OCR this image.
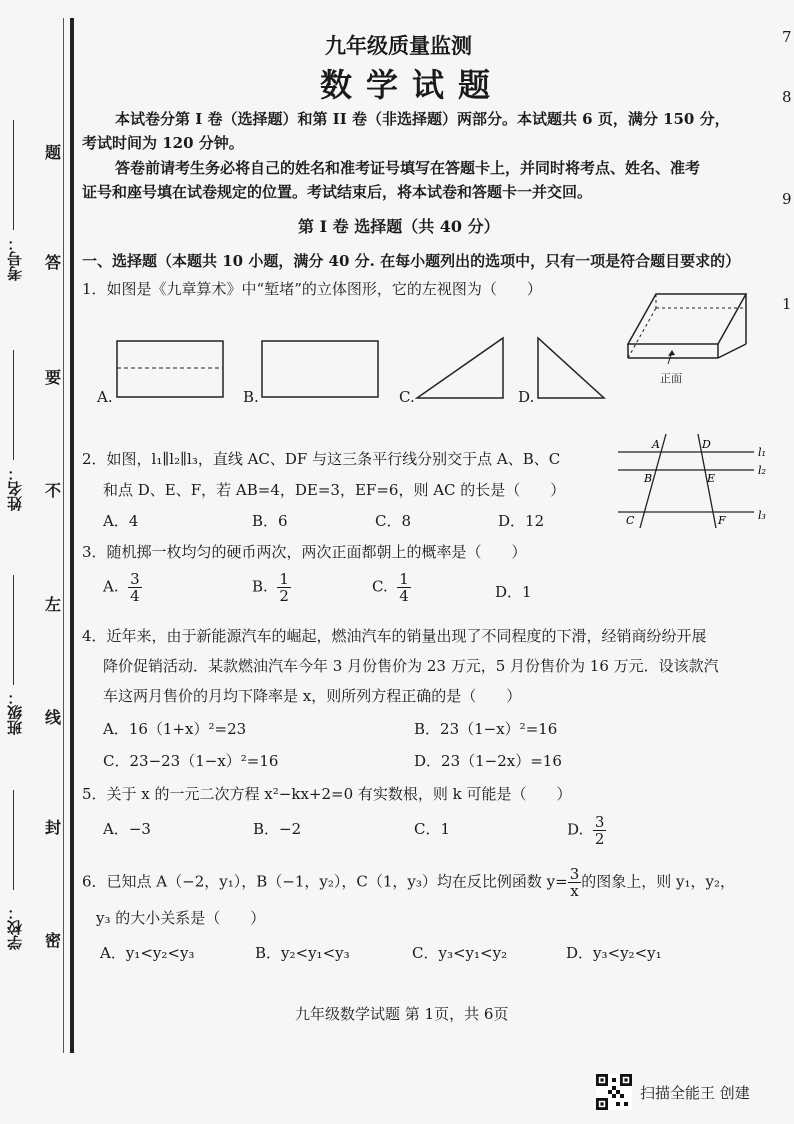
考号：
姓名：
班级：
学校：
题
答
要
不
左
线
封
密
九年级质量监测
数学试题
本试卷分第 I 卷（选择题）和第 II 卷（非选择题）两部分。本试题共 6 页，满分 150 分，
考试时间为 120 分钟。
答卷前请考生务必将自己的姓名和准考证号填写在答题卡上，并同时将考点、姓名、准考
证号和座号填在试卷规定的位置。考试结束后，将本试卷和答题卡一并交回。
第 I 卷 选择题（共 40 分）
一、选择题（本题共 10 小题，满分 40 分. 在每小题列出的选项中，只有一项是符合题目要求的）
1．如图是《九章算术》中“堑堵”的立体图形，它的左视图为（　　）
正面
A.	B.	C.	D.
2．如图，l₁∥l₂∥l₃，直线 AC、DF 与这三条平行线分别交于点 A、B、C
和点 D、E、F，若 AB=4，DE=3，EF=6，则 AC 的长是（　　）
A．4	B．6	C．8	D．12
A	D
l₁
B	E
l₂
C	F	l₃
3．随机掷一枚均匀的硬币两次，两次正面都朝上的概率是（　　）
A. $\frac{3}{4}$	B. $\frac{1}{2}$	C. $\frac{1}{4}$	D．1
4．近年来，由于新能源汽车的崛起，燃油汽车的销量出现了不同程度的下滑，经销商纷纷开展
降价促销活动．某款燃油汽车今年 3 月份售价为 23 万元，5 月份售价为 16 万元．设该款汽
车这两月售价的月均下降率是 x，则所列方程正确的是（　　）
A．16（1+x）²=23	B．23（1−x）²=16
C．23−23（1−x）²=16	D．23（1−2x）=16
5．关于 x 的一元二次方程 x²−kx+2=0 有实数根，则 k 可能是（　　）
A．−3	B．−2	C．1	D. $\frac{3}{2}$
6．已知点 A（−2，y₁），B（−1，y₂），C（1，y₃）均在反比例函数 $y= \frac{3}{x}$ 的图象上，则 y₁，y₂，
y₃ 的大小关系是（　　）
A．y₁<y₂<y₃	B．y₂<y₁<y₃	C．y₃<y₁<y₂	D．y₃<y₂<y₁
九年级数学试题 第 1页，共 6页
7
8
9
1
扫描全能王 创建
